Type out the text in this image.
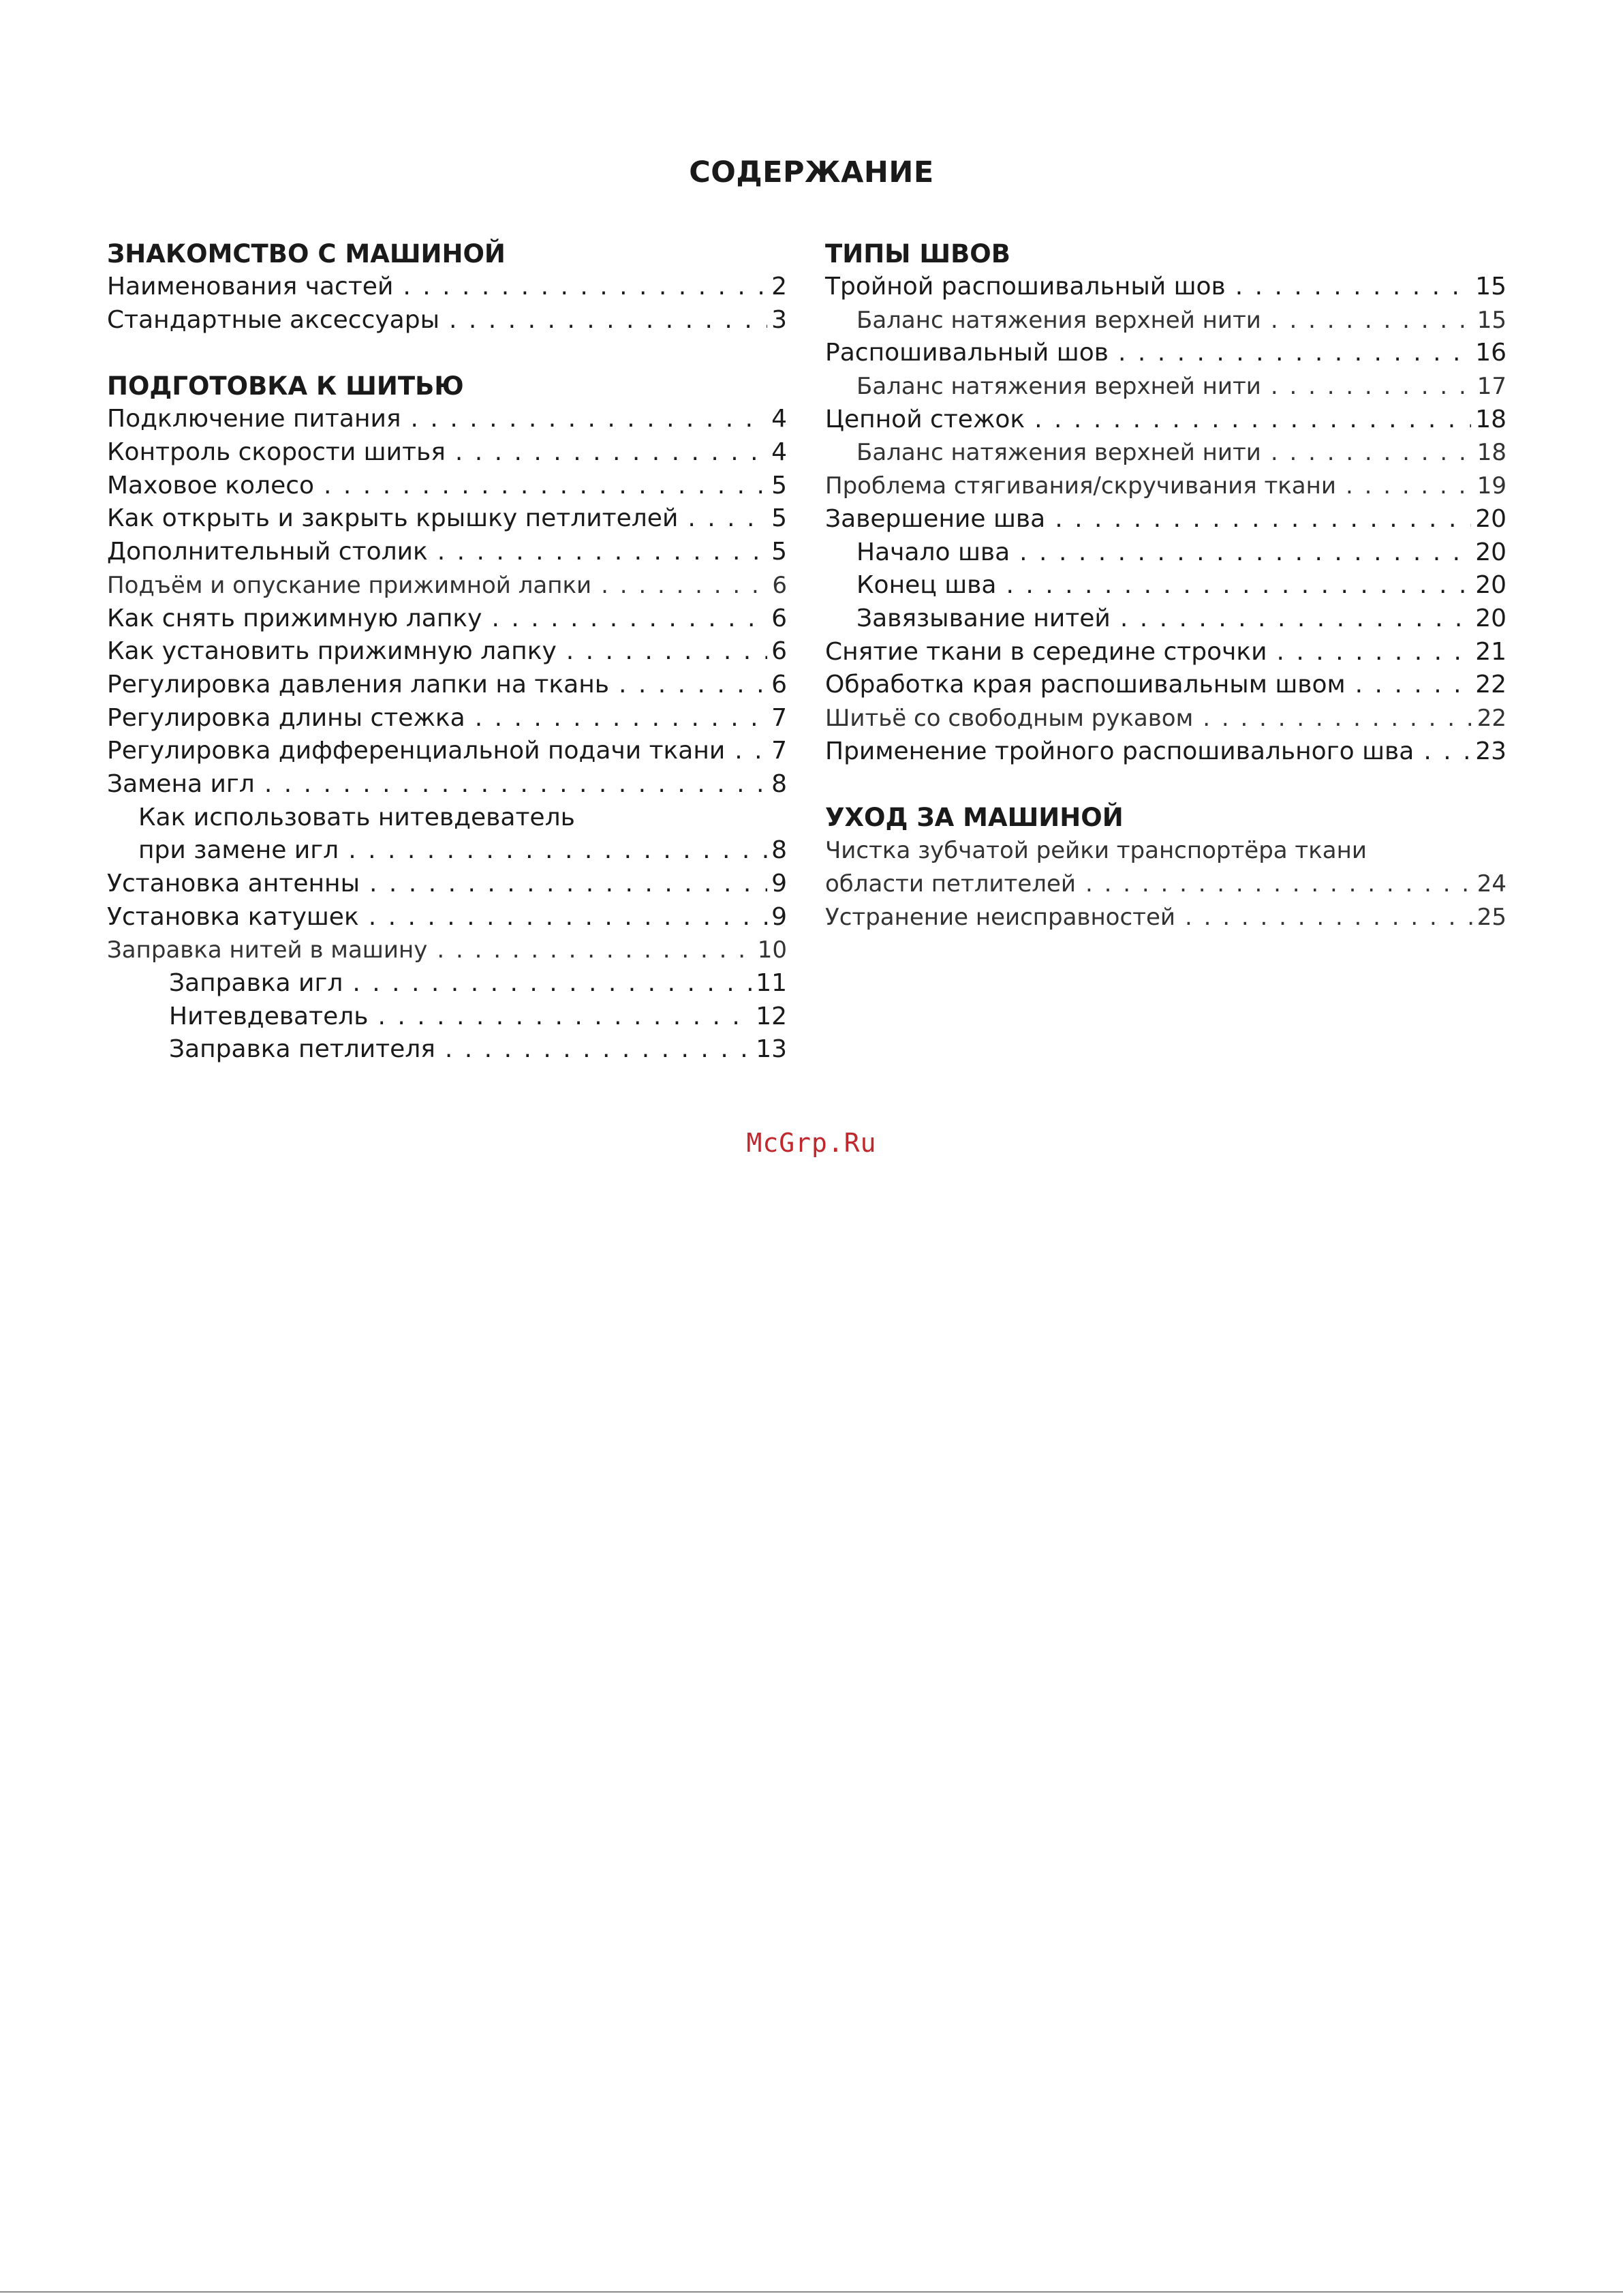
СОДЕРЖАНИЕ
ЗНАКОМСТВО С МАШИНОЙ
Наименования частей . . .	2
Стандартные аксессуары . . .	3
ПОДГОТОВКА К ШИТЬЮ
Подключение питания . . .	4
Контроль скорости шитья . . .	4
Маховое колесо . . .	5
Как открыть и закрыть крышку петлителей . . .	5
Дополнительный столик . . .	5
Подъём и опускание прижимной лапки . . .	6
Как снять прижимную лапку . . .	6
Как установить прижимную лапку . . .	6
Регулировка давления лапки на ткань . . .	6
Регулировка длины стежка . . .	7
Регулировка дифференциальной подачи ткани . . . 7
Замена игл . . .	8
Как использовать нитевдеватель
при замене игл . . .	8
Установка антенны . . .	9
Установка катушек . . .	9
Заправка нитей в машину . . .	10
Заправка игл . . .	11
Нитевдеватель . . .	12
Заправка петлителя . . .	13
ТИПЫ ШВОВ
Тройной распошивальный шов . . .	15
Баланс натяжения верхней нити . . .	15
Распошивальный шов . . .	16
Баланс натяжения верхней нити . . .	17
Цепной стежок . . .	18
Баланс натяжения верхней нити . . .	18
Проблема стягивания/скручивания ткани . . .	19
Завершение шва . . .	20
Начало шва . . .	20
Конец шва . . .	20
Завязывание нитей . . .	20
Снятие ткани в середине строчки . . .	21
Обработка края распошивальным швом . . .	22
Шитьё со свободным рукавом . . .	22
Применение тройного распошивального шва . . . 23
УХОД ЗА МАШИНОЙ
Чистка зубчатой рейки транспортёра ткани
области петлителей . . .	24
Устранение неисправностей . . .	25
McGrp.Ru
